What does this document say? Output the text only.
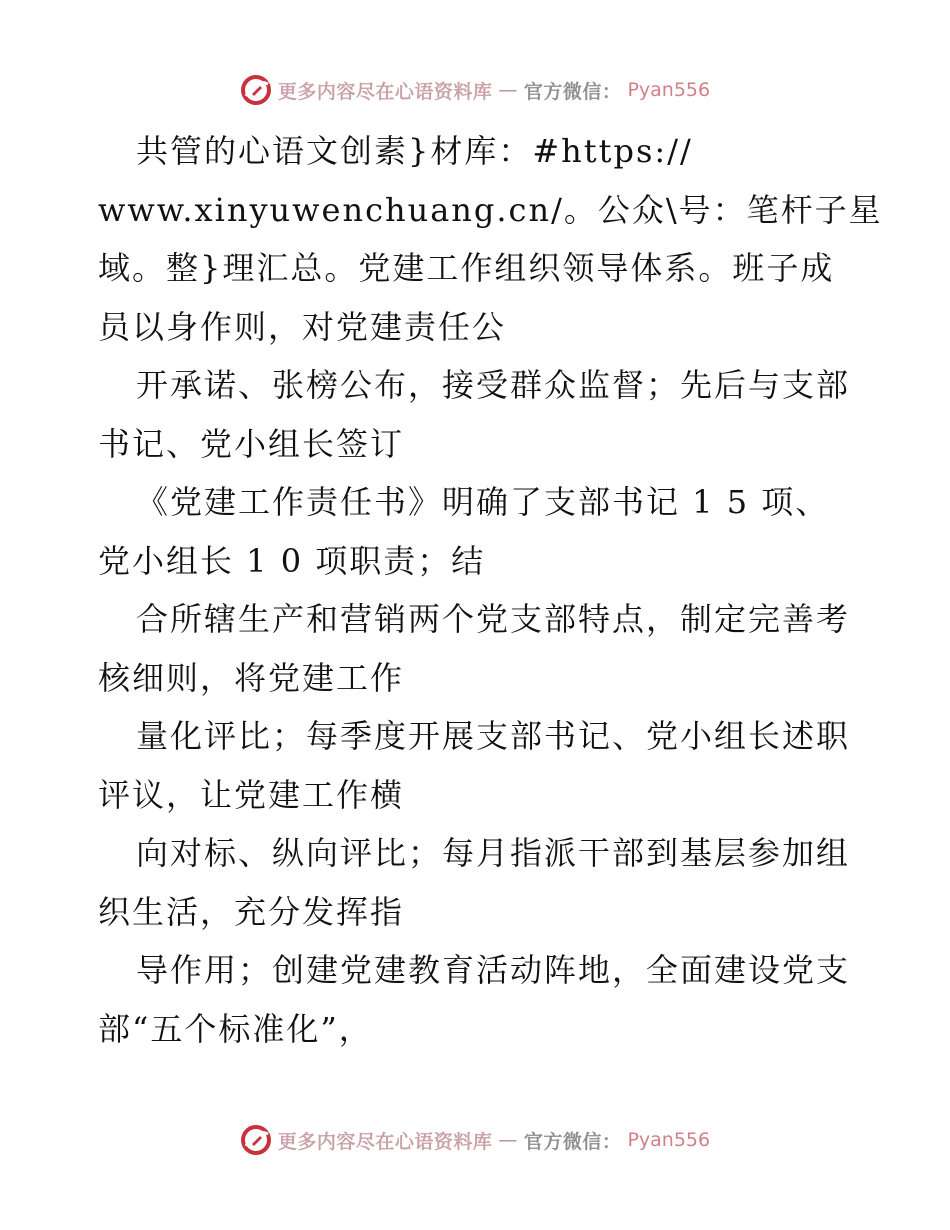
更多内容尽在心语资料库 — 官方微信： Pyan556
共管的心语文创素}材库：#https://
www.xinyuwenchuang.cn/。公众\号：笔杆子星
域。整}理汇总。党建工作组织领导体系。班子成
员以身作则，对党建责任公
开承诺、张榜公布，接受群众监督；先后与支部
书记、党小组长签订
《党建工作责任书》明确了支部书记 1 5 项、
党小组长 1 0 项职责；结
合所辖生产和营销两个党支部特点，制定完善考
核细则，将党建工作
量化评比；每季度开展支部书记、党小组长述职
评议，让党建工作横
向对标、纵向评比；每月指派干部到基层参加组
织生活，充分发挥指
导作用；创建党建教育活动阵地，全面建设党支
部“五个标准化”，
更多内容尽在心语资料库 — 官方微信： Pyan556
